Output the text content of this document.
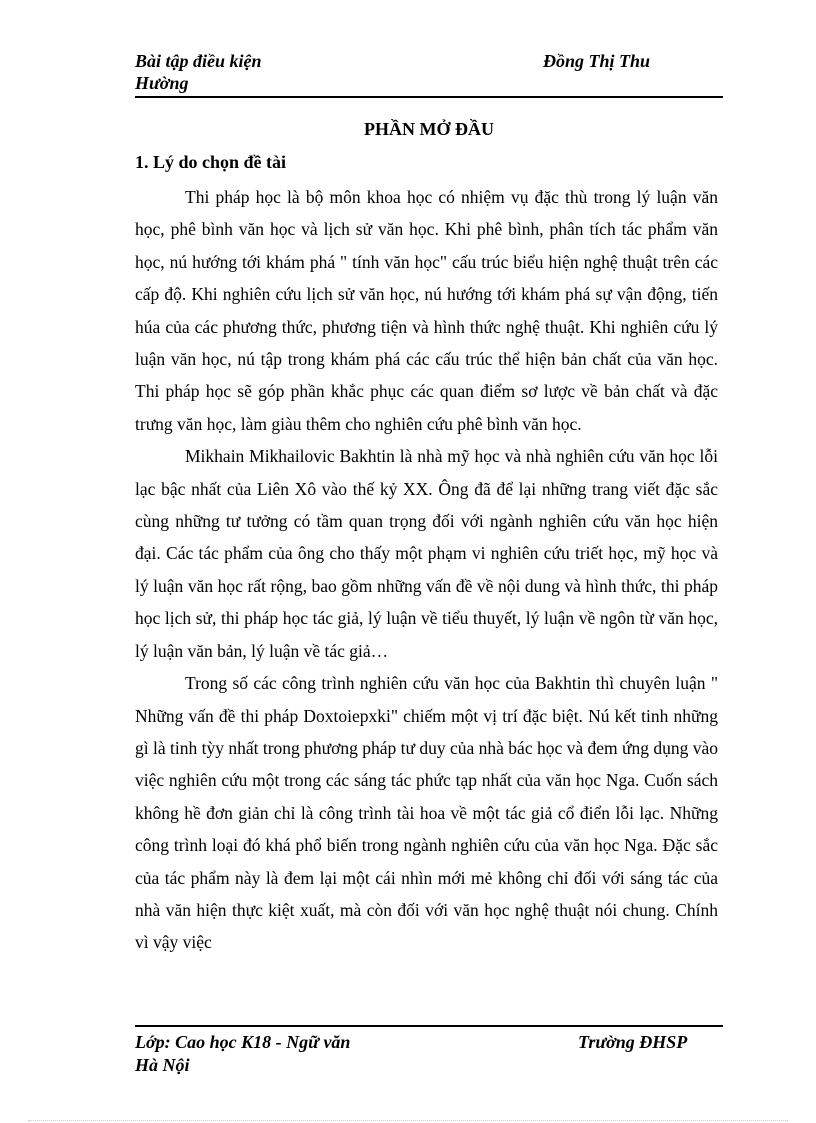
Bài tập điều kiện	Đồng Thị Thu
Hường
PHẦN MỞ ĐẦU
1. Lý do chọn đề tài

Thi pháp học là bộ môn khoa học có nhiệm vụ đặc thù trong lý luận văn học, phê bình văn học và lịch sử văn học. Khi phê bình, phân tích tác phẩm văn học, nú hướng tới khám phá " tính văn học" cấu trúc biểu hiện nghệ thuật trên các cấp độ. Khi nghiên cứu lịch sử văn học, nú hướng tới khám phá sự vận động, tiến húa của các phương thức, phương tiện và hình thức nghệ thuật. Khi nghiên cứu lý luận văn học, nú tập trong khám phá các cấu trúc thể hiện bản chất của văn học. Thi pháp học sẽ góp phần khắc phục các quan điểm sơ lược về bản chất và đặc trưng văn học, làm giàu thêm cho nghiên cứu phê bình văn học.

Mikhain Mikhailovic Bakhtin là nhà mỹ học và nhà nghiên cứu văn học lỗi lạc bậc nhất của Liên Xô vào thế kỷ XX. Ông đã để lại những trang viết đặc sắc cùng những tư tưởng có tầm quan trọng đối với ngành nghiên cứu văn học hiện đại. Các tác phẩm của ông cho thấy một phạm vi nghiên cứu triết học, mỹ học và lý luận văn học rất rộng, bao gồm những vấn đề về nội dung và hình thức, thi pháp học lịch sử, thi pháp học tác giả, lý luận về tiểu thuyết, lý luận về ngôn từ văn học, lý luận văn bản, lý luận về tác giả…

Trong số các công trình nghiên cứu văn học của Bakhtin thì chuyên luận " Những vấn đề thi pháp Doxtoiepxki" chiếm một vị trí đặc biệt. Nú kết tinh những gì là tinh tỳy nhất trong phương pháp tư duy của nhà bác học và đem ứng dụng vào việc nghiên cứu một trong các sáng tác phức tạp nhất của văn học Nga. Cuốn sách không hề đơn giản chỉ là công trình tài hoa về một tác giả cổ điển lỗi lạc. Những công trình loại đó khá phổ biến trong ngành nghiên cứu của văn học Nga. Đặc sắc của tác phẩm này là đem lại một cái nhìn mới mẻ không chỉ đối với sáng tác của nhà văn hiện thực kiệt xuất, mà còn đối với văn học nghệ thuật nói chung. Chính vì vậy việc

Lớp: Cao học K18 - Ngữ văn	Trường ĐHSP
Hà Nội
